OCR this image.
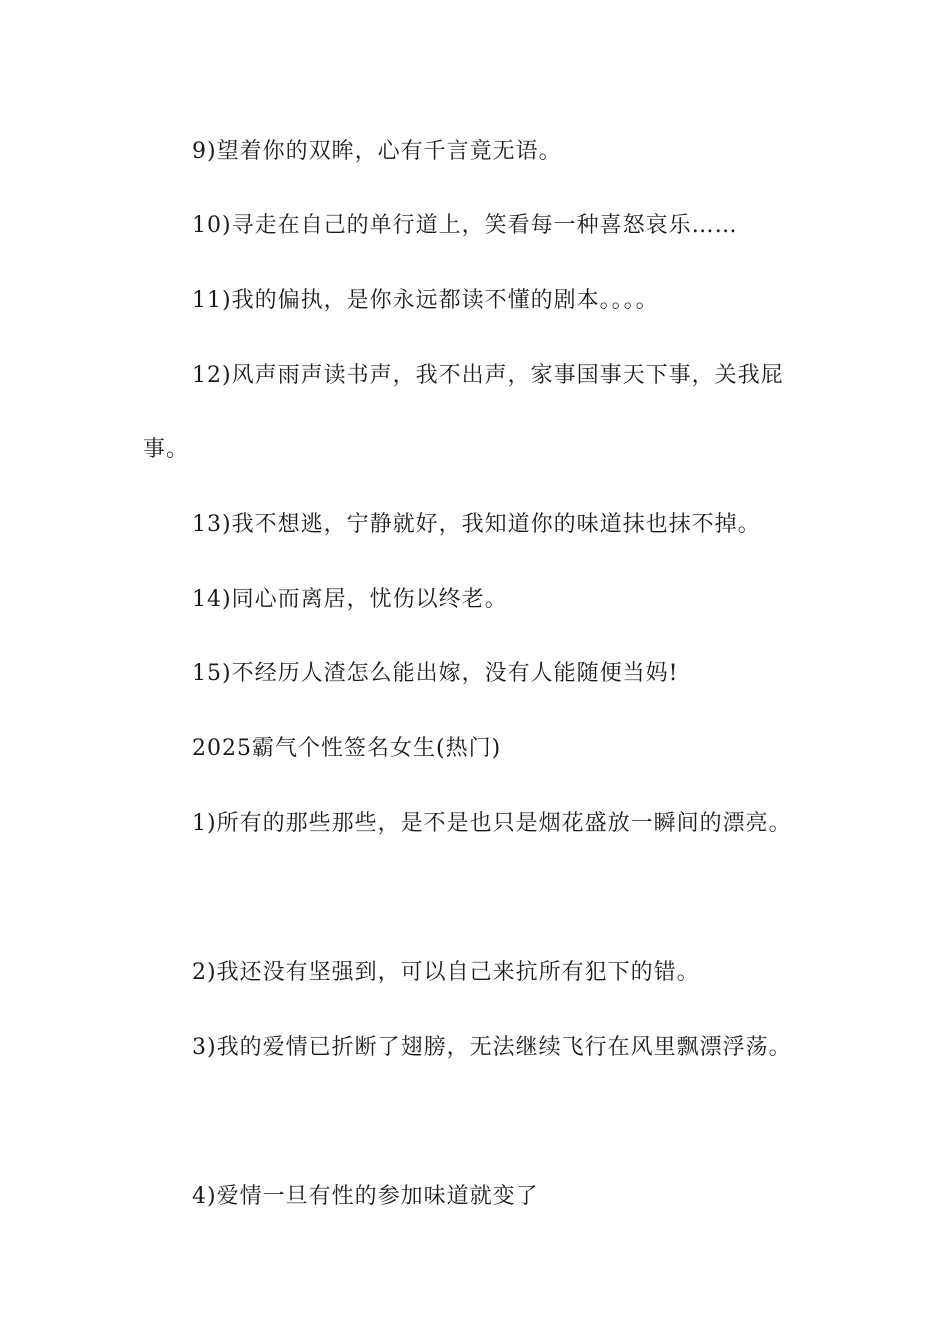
9)望着你的双眸，心有千言竟无语。
10)寻走在自己的单行道上，笑看每一种喜怒哀乐……
11)我的偏执，是你永远都读不懂的剧本。。。。
12)风声雨声读书声，我不出声，家事国事天下事，关我屁
事。
13)我不想逃，宁静就好，我知道你的味道抹也抹不掉。
14)同心而离居，忧伤以终老。
15)不经历人渣怎么能出嫁，没有人能随便当妈!
2025霸气个性签名女生(热门)
1)所有的那些那些，是不是也只是烟花盛放一瞬间的漂亮。
2)我还没有坚强到，可以自己来抗所有犯下的错。
3)我的爱情已折断了翅膀，无法继续飞行在风里飘漂浮荡。
4)爱情一旦有性的参加味道就变了
